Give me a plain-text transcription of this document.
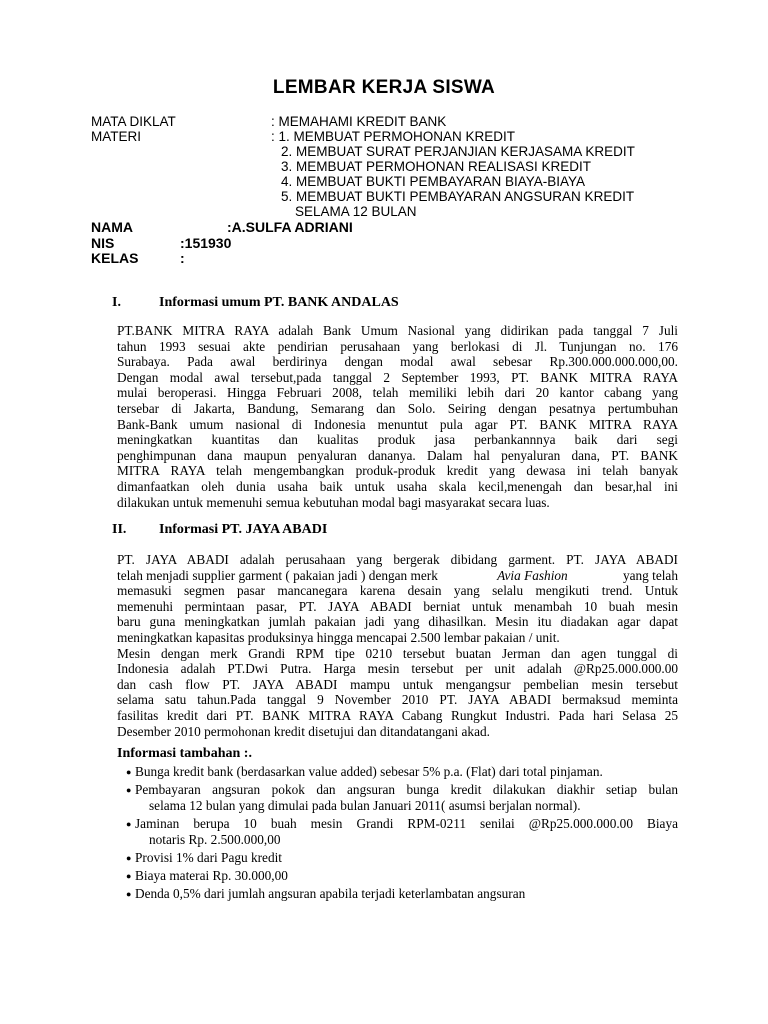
LEMBAR KERJA SISWA
MATA DIKLAT	: MEMAHAMI KREDIT BANK
MATERI	: 1. MEMBUAT PERMOHONAN KREDIT
2. MEMBUAT SURAT PERJANJIAN KERJASAMA KREDIT
3. MEMBUAT PERMOHONAN REALISASI KREDIT
4. MEMBUAT BUKTI PEMBAYARAN BIAYA-BIAYA
5. MEMBUAT BUKTI PEMBAYARAN ANGSURAN KREDIT
SELAMA 12 BULAN
NAMA	:A.SULFA ADRIANI
NIS	:151930
KELAS	:
I.	Informasi umum PT. BANK ANDALAS
PT.BANK MITRA RAYA adalah Bank Umum Nasional yang didirikan pada tanggal 7 Juli
tahun 1993 sesuai akte pendirian perusahaan yang berlokasi di Jl. Tunjungan no. 176
Surabaya. Pada awal berdirinya dengan modal awal sebesar Rp.300.000.000.000,00.
Dengan modal awal tersebut,pada tanggal 2 September 1993, PT. BANK MITRA RAYA
mulai beroperasi. Hingga Februari 2008, telah memiliki lebih dari 20 kantor cabang yang
tersebar di Jakarta, Bandung, Semarang dan Solo. Seiring dengan pesatnya pertumbuhan
Bank-Bank umum nasional di Indonesia menuntut pula agar PT. BANK MITRA RAYA
meningkatkan kuantitas dan kualitas produk jasa perbankannnya baik dari segi
penghimpunan dana maupun penyaluran dananya. Dalam hal penyaluran dana, PT. BANK
MITRA RAYA telah mengembangkan produk-produk kredit yang dewasa ini telah banyak
dimanfaatkan oleh dunia usaha baik untuk usaha skala kecil,menengah dan besar,hal ini
dilakukan untuk memenuhi semua kebutuhan modal bagi masyarakat secara luas.
II. Informasi PT. JAYA ABADI
PT. JAYA ABADI adalah perusahaan yang bergerak dibidang garment. PT. JAYA ABADI
telah menjadi supplier garment ( pakaian jadi ) dengan merk	Avia Fashion	yang telah
memasuki segmen pasar mancanegara karena desain yang selalu mengikuti trend. Untuk
memenuhi permintaan pasar, PT. JAYA ABADI berniat untuk menambah 10 buah mesin
baru guna meningkatkan jumlah pakaian jadi yang dihasilkan. Mesin itu diadakan agar dapat
meningkatkan kapasitas produksinya hingga mencapai 2.500 lembar pakaian / unit.
Mesin dengan merk Grandi RPM tipe 0210 tersebut buatan Jerman dan agen tunggal di
Indonesia adalah PT.Dwi Putra. Harga mesin tersebut per unit adalah @Rp25.000.000.00
dan cash flow PT. JAYA ABADI mampu untuk mengangsur pembelian mesin tersebut
selama satu tahun.Pada tanggal 9 November 2010 PT. JAYA ABADI bermaksud meminta
fasilitas kredit dari PT. BANK MITRA RAYA Cabang Rungkut Industri. Pada hari Selasa 25
Desember 2010 permohonan kredit disetujui dan ditandatangani akad.
Informasi tambahan :.
● Bunga kredit bank (berdasarkan value added) sebesar 5% p.a. (Flat) dari total pinjaman.
● Pembayaran angsuran pokok dan angsuran bunga kredit dilakukan diakhir setiap bulan
selama 12 bulan yang dimulai pada bulan Januari 2011( asumsi berjalan normal).
● Jaminan berupa 10 buah mesin Grandi RPM-0211 senilai @Rp25.000.000.00 Biaya
notaris Rp. 2.500.000,00
● Provisi 1% dari Pagu kredit
● Biaya materai Rp. 30.000,00
● Denda 0,5% dari jumlah angsuran apabila terjadi keterlambatan angsuran
